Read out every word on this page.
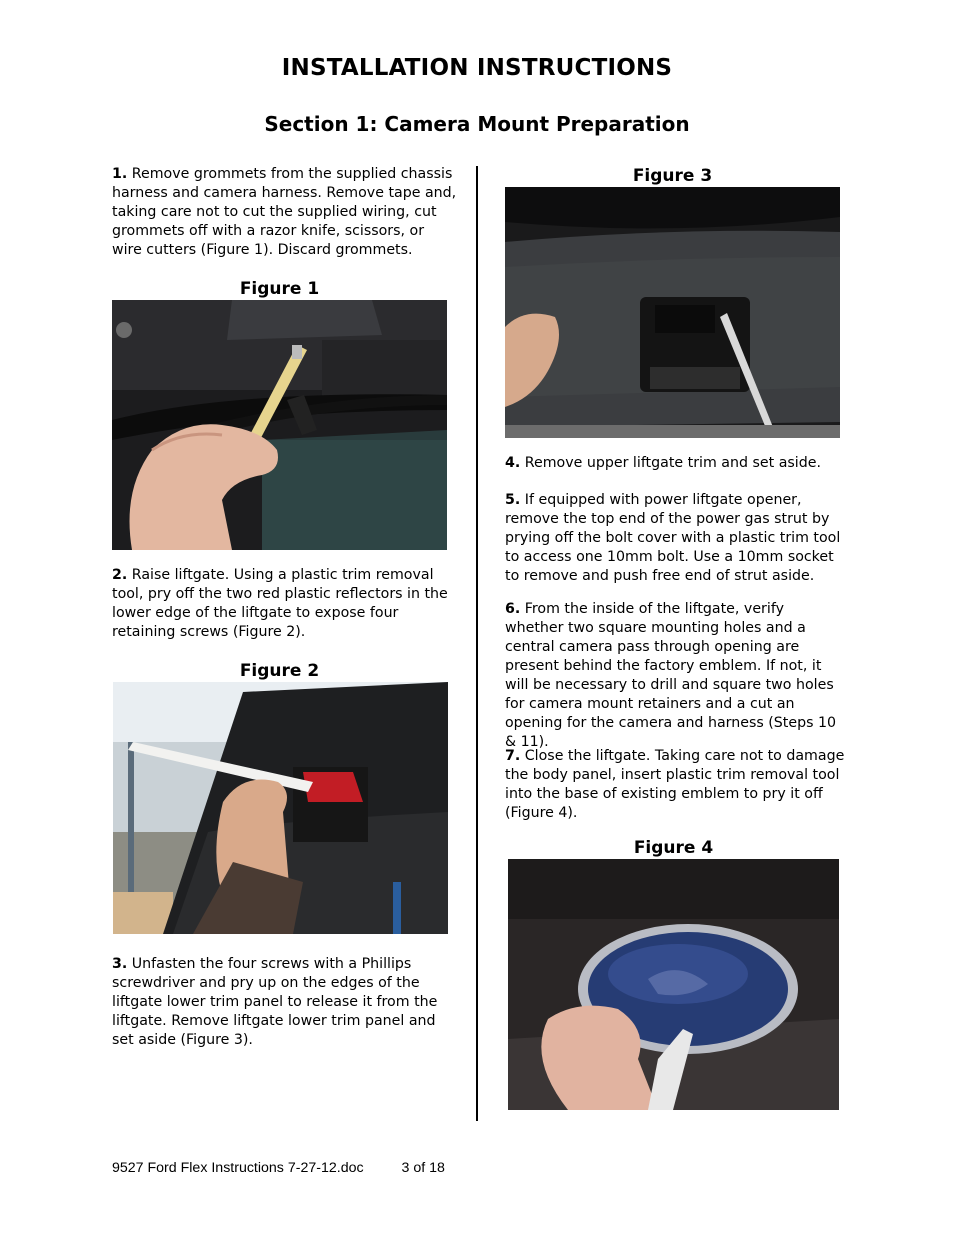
INSTALLATION INSTRUCTIONS
Section 1: Camera Mount Preparation

1. Remove grommets from the supplied chassis harness and camera harness. Remove tape and, taking care not to cut the supplied wiring, cut grommets off with a razor knife, scissors, or wire cutters (Figure 1). Discard grommets.

Figure 1

2. Raise liftgate. Using a plastic trim removal tool, pry off the two red plastic reflectors in the lower edge of the liftgate to expose four retaining screws (Figure 2).

Figure 2

3. Unfasten the four screws with a Phillips screwdriver and pry up on the edges of the liftgate lower trim panel to release it from the liftgate. Remove liftgate lower trim panel and set aside (Figure 3).

Figure 3

4. Remove upper liftgate trim and set aside.

5. If equipped with power liftgate opener, remove the top end of the power gas strut by prying off the bolt cover with a plastic trim tool to access one 10mm bolt. Use a 10mm socket to remove and push free end of strut aside.

6. From the inside of the liftgate, verify whether two square mounting holes and a central camera pass through opening are present behind the factory emblem. If not, it will be necessary to drill and square two holes for camera mount retainers and a cut an opening for the camera and harness (Steps 10 & 11).

7. Close the liftgate. Taking care not to damage the body panel, insert plastic trim removal tool into the base of existing emblem to pry it off (Figure 4).

Figure 4
9527 Ford Flex Instructions 7-27-12.doc	3 of 18
